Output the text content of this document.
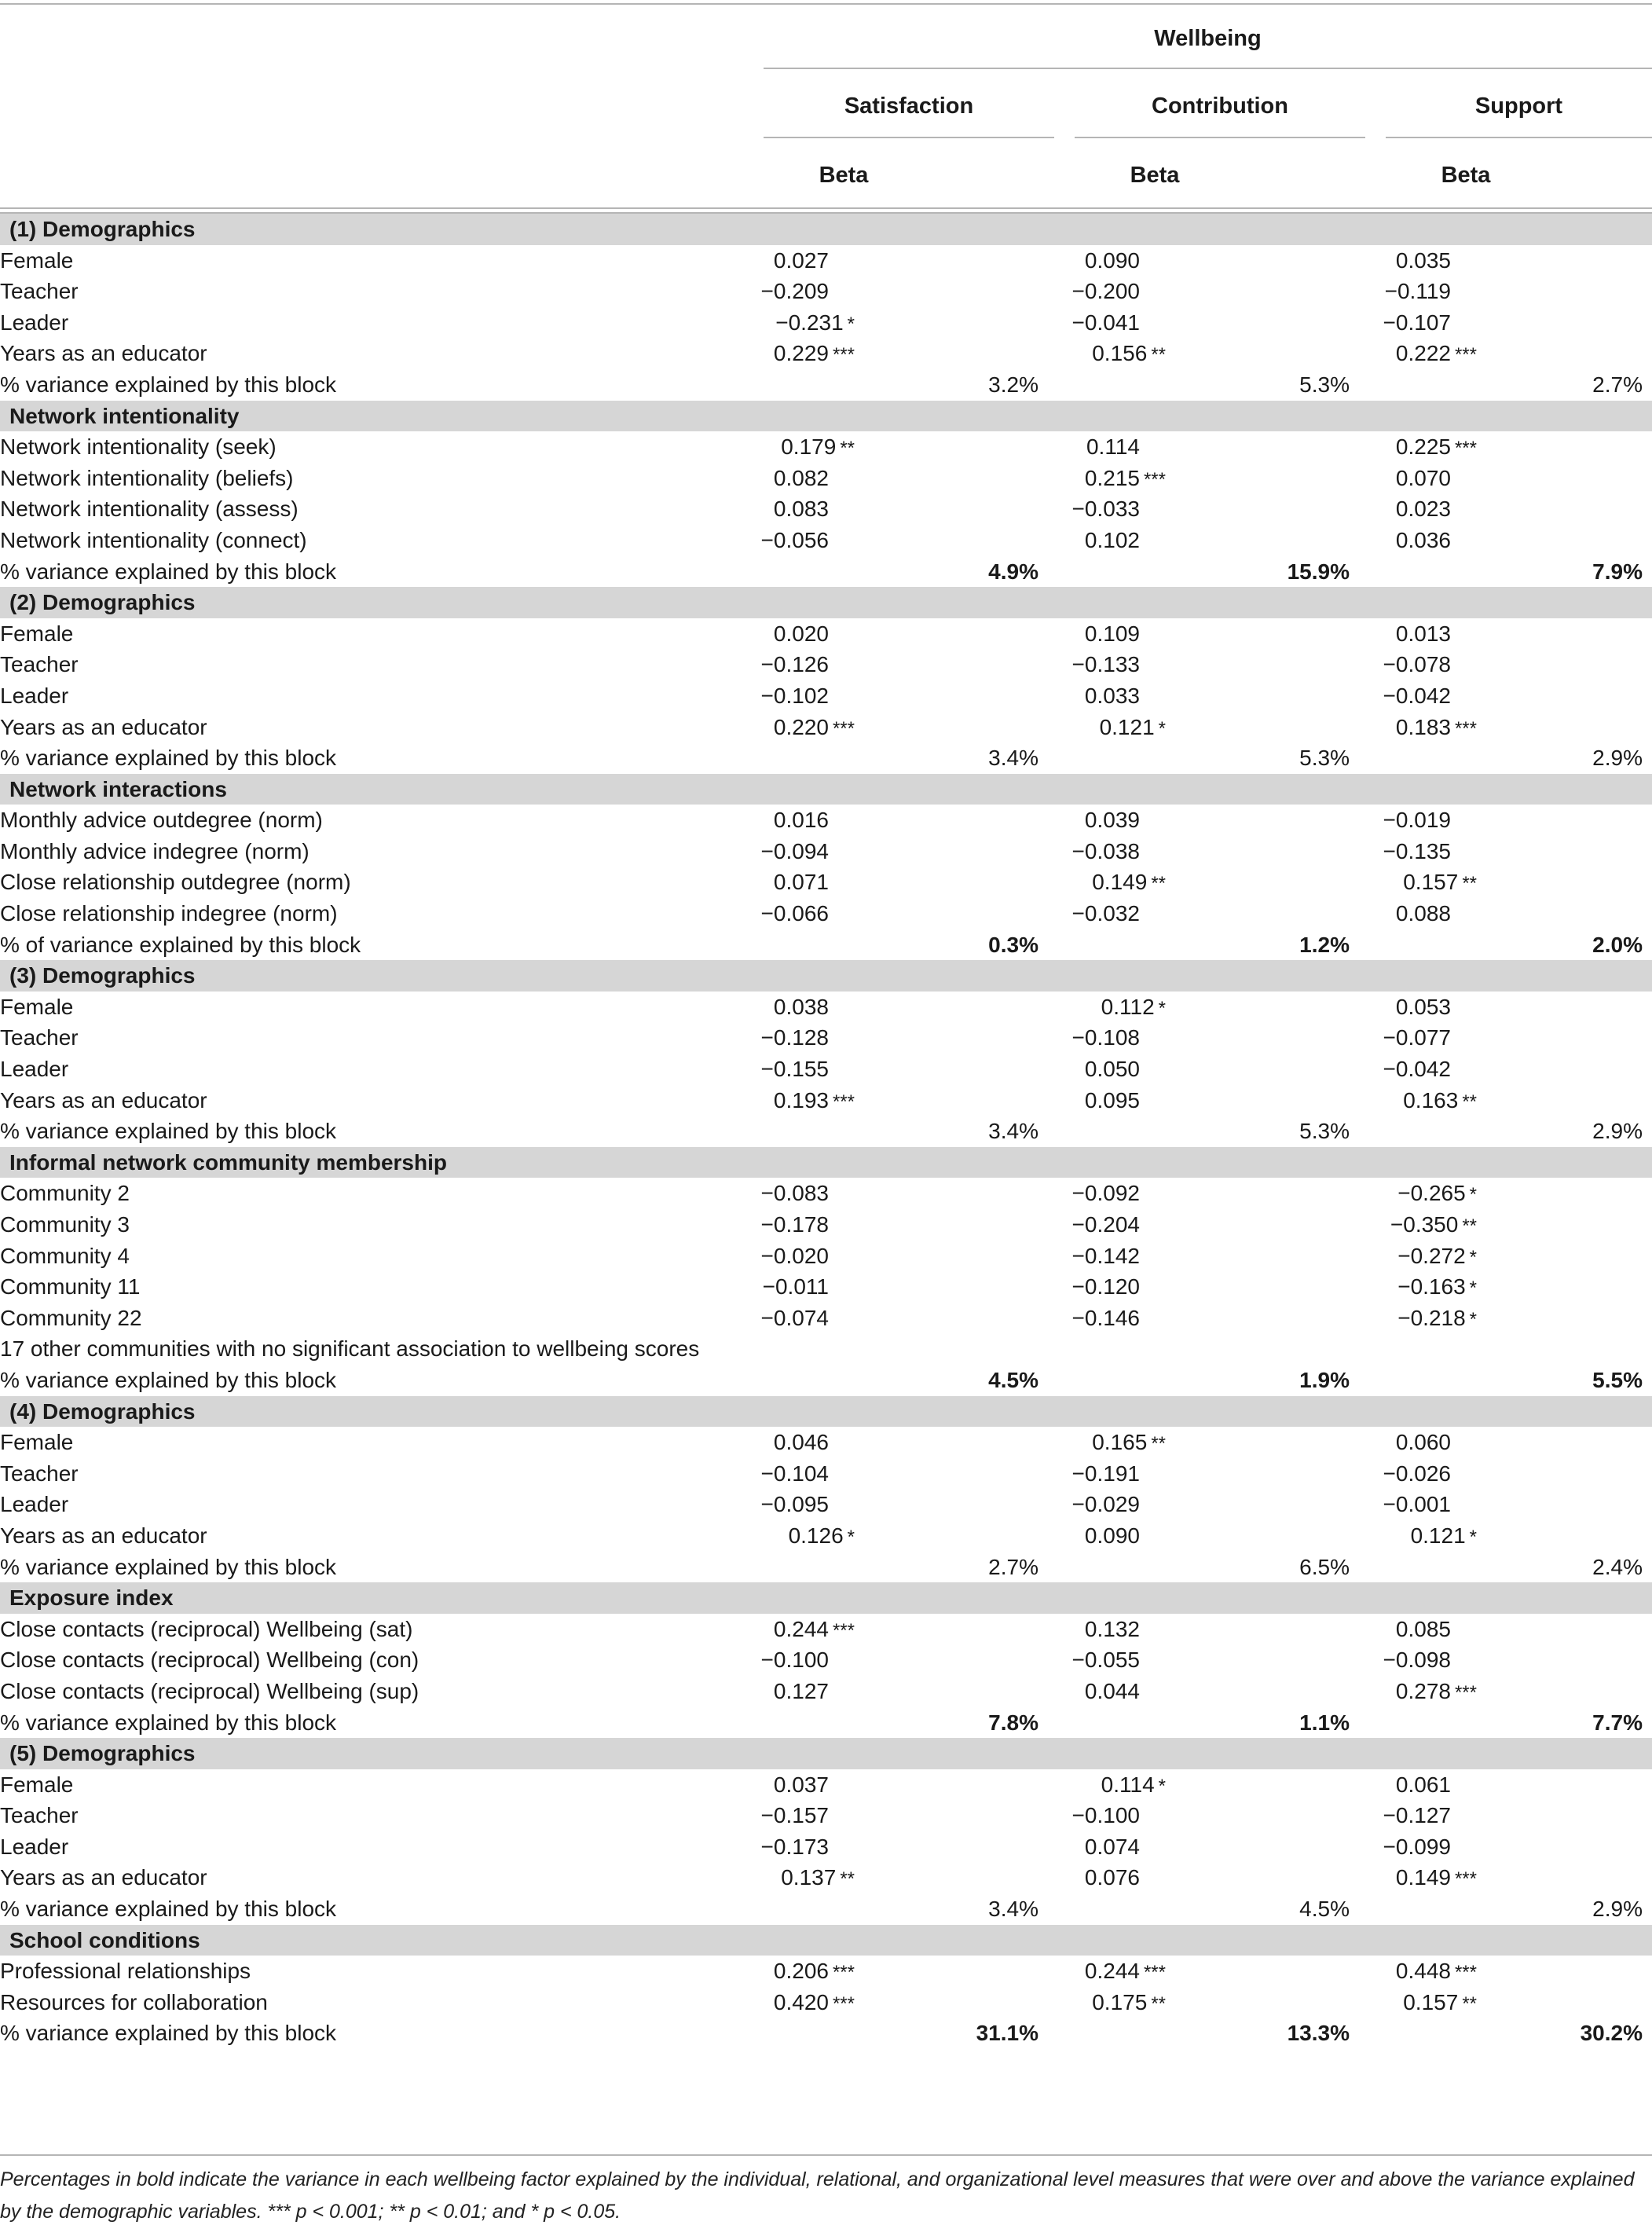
Wellbeing
Satisfaction	Contribution	Support
Beta	Beta	Beta
(1) Demographics
Female	0.027	0.090	0.035
Teacher	−0.209	−0.200	−0.119
Leader	−0.231 *	−0.041	−0.107
Years as an educator	0.229 ***	0.156 **	0.222 ***
% variance explained by this block	3.2%	5.3%	2.7%
Network intentionality
Network intentionality (seek)	0.179 **	0.114	0.225 ***
Network intentionality (beliefs)	0.082	0.215 ***	0.070
Network intentionality (assess)	0.083	−0.033	0.023
Network intentionality (connect)	−0.056	0.102	0.036
% variance explained by this block	4.9%	15.9%	7.9%
(2) Demographics
Female	0.020	0.109	0.013
Teacher	−0.126	−0.133	−0.078
Leader	−0.102	0.033	−0.042
Years as an educator	0.220 ***	0.121 *	0.183 ***
% variance explained by this block	3.4%	5.3%	2.9%
Network interactions
Monthly advice outdegree (norm)	0.016	0.039	−0.019
Monthly advice indegree (norm)	−0.094	−0.038	−0.135
Close relationship outdegree (norm)	0.071	0.149 **	0.157 **
Close relationship indegree (norm)	−0.066	−0.032	0.088
% of variance explained by this block	0.3%	1.2%	2.0%
(3) Demographics
Female	0.038	0.112 *	0.053
Teacher	−0.128	−0.108	−0.077
Leader	−0.155	0.050	−0.042
Years as an educator	0.193 ***	0.095	0.163 **
% variance explained by this block	3.4%	5.3%	2.9%
Informal network community membership
Community 2	−0.083	−0.092	−0.265 *
Community 3	−0.178	−0.204	−0.350 **
Community 4	−0.020	−0.142	−0.272 *
Community 11	−0.011	−0.120	−0.163 *
Community 22	−0.074	−0.146	−0.218 *
17 other communities with no significant association to wellbeing scores
% variance explained by this block	4.5%	1.9%	5.5%
(4) Demographics
Female	0.046	0.165 **	0.060
Teacher	−0.104	−0.191	−0.026
Leader	−0.095	−0.029	−0.001
Years as an educator	0.126 *	0.090	0.121 *
% variance explained by this block	2.7%	6.5%	2.4%
Exposure index
Close contacts (reciprocal) Wellbeing (sat)	0.244 ***	0.132	0.085
Close contacts (reciprocal) Wellbeing (con)	−0.100	−0.055	−0.098
Close contacts (reciprocal) Wellbeing (sup)	0.127	0.044	0.278 ***
% variance explained by this block	7.8%	1.1%	7.7%
(5) Demographics
Female	0.037	0.114 *	0.061
Teacher	−0.157	−0.100	−0.127
Leader	−0.173	0.074	−0.099
Years as an educator	0.137 **	0.076	0.149 ***
% variance explained by this block	3.4%	4.5%	2.9%
School conditions
Professional relationships	0.206 ***	0.244 ***	0.448 ***
Resources for collaboration	0.420 ***	0.175 **	0.157 **
% variance explained by this block	31.1%	13.3%	30.2%
Percentages in bold indicate the variance in each wellbeing factor explained by the individual, relational, and organizational level measures that were over and above the variance explained by the demographic variables. *** p < 0.001; ** p < 0.01; and * p < 0.05.
